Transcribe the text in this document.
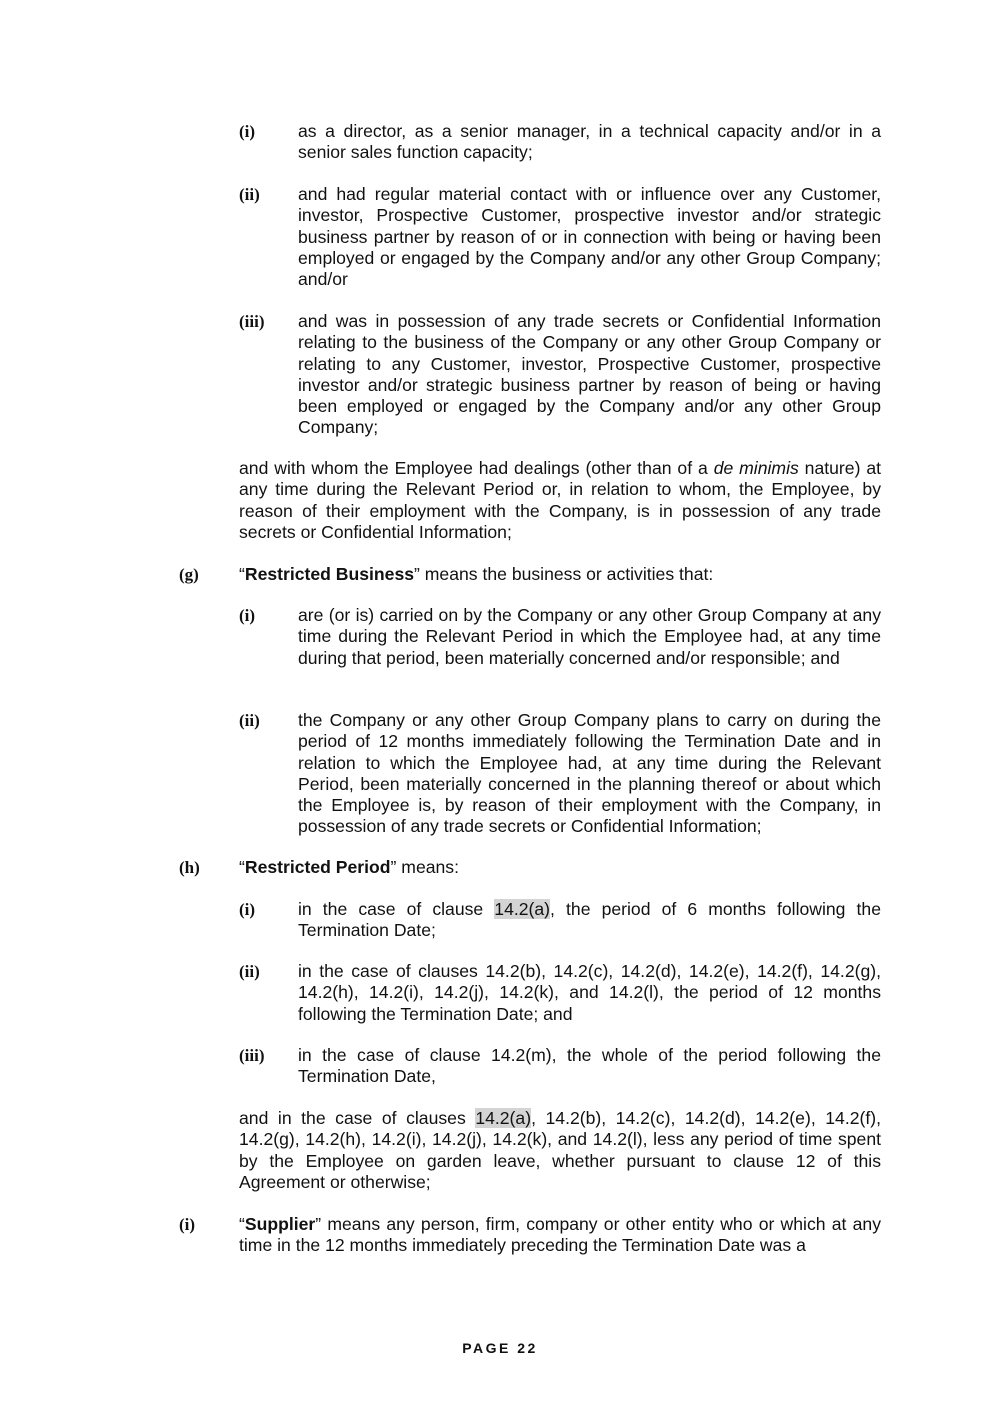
(i) as a director, as a senior manager, in a technical capacity and/or in a senior sales function capacity;

(ii) and had regular material contact with or influence over any Customer, investor, Prospective Customer, prospective investor and/or strategic business partner by reason of or in connection with being or having been employed or engaged by the Company and/or any other Group Company; and/or

(iii) and was in possession of any trade secrets or Confidential Information relating to the business of the Company or any other Group Company or relating to any Customer, investor, Prospective Customer, prospective investor and/or strategic business partner by reason of being or having been employed or engaged by the Company and/or any other Group Company;

and with whom the Employee had dealings (other than of a de minimis nature) at any time during the Relevant Period or, in relation to whom, the Employee, by reason of their employment with the Company, is in possession of any trade secrets or Confidential Information;

(g) “Restricted Business” means the business or activities that:

(i) are (or is) carried on by the Company or any other Group Company at any time during the Relevant Period in which the Employee had, at any time during that period, been materially concerned and/or responsible; and

(ii) the Company or any other Group Company plans to carry on during the period of 12 months immediately following the Termination Date and in relation to which the Employee had, at any time during the Relevant Period, been materially concerned in the planning thereof or about which the Employee is, by reason of their employment with the Company, in possession of any trade secrets or Confidential Information;

(h) “Restricted Period” means:

(i) in the case of clause 14.2(a), the period of 6 months following the Termination Date;

(ii) in the case of clauses 14.2(b), 14.2(c), 14.2(d), 14.2(e), 14.2(f), 14.2(g), 14.2(h), 14.2(i), 14.2(j), 14.2(k), and 14.2(l), the period of 12 months following the Termination Date; and

(iii) in the case of clause 14.2(m), the whole of the period following the Termination Date,

and in the case of clauses 14.2(a), 14.2(b), 14.2(c), 14.2(d), 14.2(e), 14.2(f), 14.2(g), 14.2(h), 14.2(i), 14.2(j), 14.2(k), and 14.2(l), less any period of time spent by the Employee on garden leave, whether pursuant to clause 12 of this Agreement or otherwise;

(i) “Supplier” means any person, firm, company or other entity who or which at any time in the 12 months immediately preceding the Termination Date was a

PAGE 22
